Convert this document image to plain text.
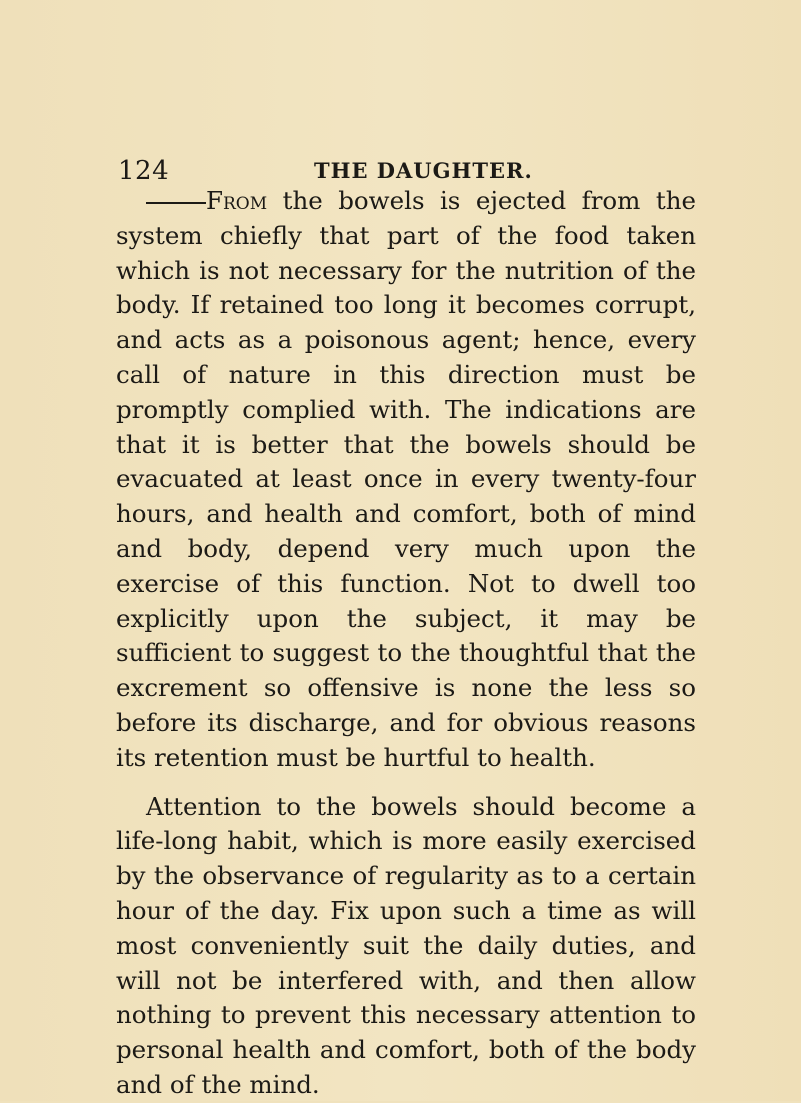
124	THE DAUGHTER.

From the bowels is ejected from the system chiefly that part of the food taken which is not necessary for the nutrition of the body. If retained too long it becomes corrupt, and acts as a poisonous agent; hence, every call of nature in this direction must be promptly complied with. The indications are that it is better that the bowels should be evacuated at least once in every twenty-four hours, and health and comfort, both of mind and body, depend very much upon the exercise of this function. Not to dwell too explicitly upon the subject, it may be sufficient to suggest to the thoughtful that the excrement so offensive is none the less so before its discharge, and for obvious reasons its retention must be hurtful to health.

Attention to the bowels should become a life-long habit, which is more easily exercised by the observance of regularity as to a certain hour of the day. Fix upon such a time as will most conveniently suit the daily duties, and will not be interfered with, and then allow nothing to prevent this necessary attention to personal health and comfort, both of the body and of the mind.
